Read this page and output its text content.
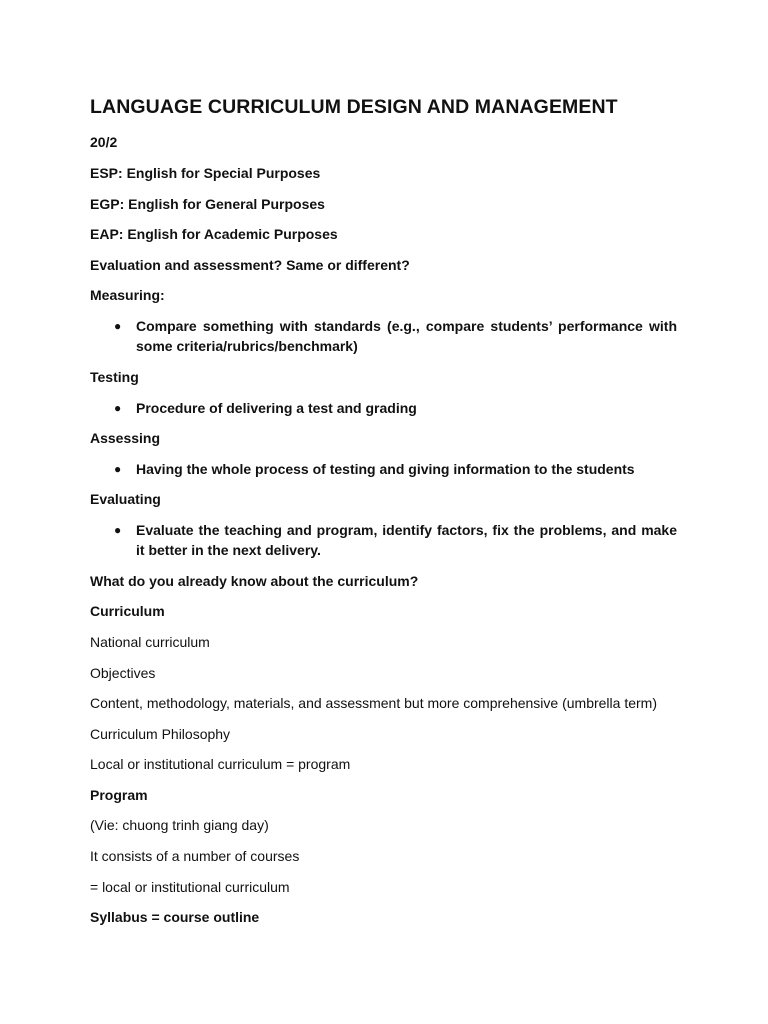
LANGUAGE CURRICULUM DESIGN AND MANAGEMENT

20/2

ESP: English for Special Purposes

EGP: English for General Purposes

EAP: English for Academic Purposes

Evaluation and assessment? Same or different?

Measuring:

● Compare something with standards (e.g., compare students’ performance with some criteria/rubrics/benchmark)

Testing

● Procedure of delivering a test and grading

Assessing

● Having the whole process of testing and giving information to the students

Evaluating

● Evaluate the teaching and program, identify factors, fix the problems, and make it better in the next delivery.

What do you already know about the curriculum?

Curriculum

National curriculum

Objectives

Content, methodology, materials, and assessment but more comprehensive (umbrella term)

Curriculum Philosophy

Local or institutional curriculum = program

Program

(Vie: chuong trinh giang day)

It consists of a number of courses

= local or institutional curriculum

Syllabus = course outline
